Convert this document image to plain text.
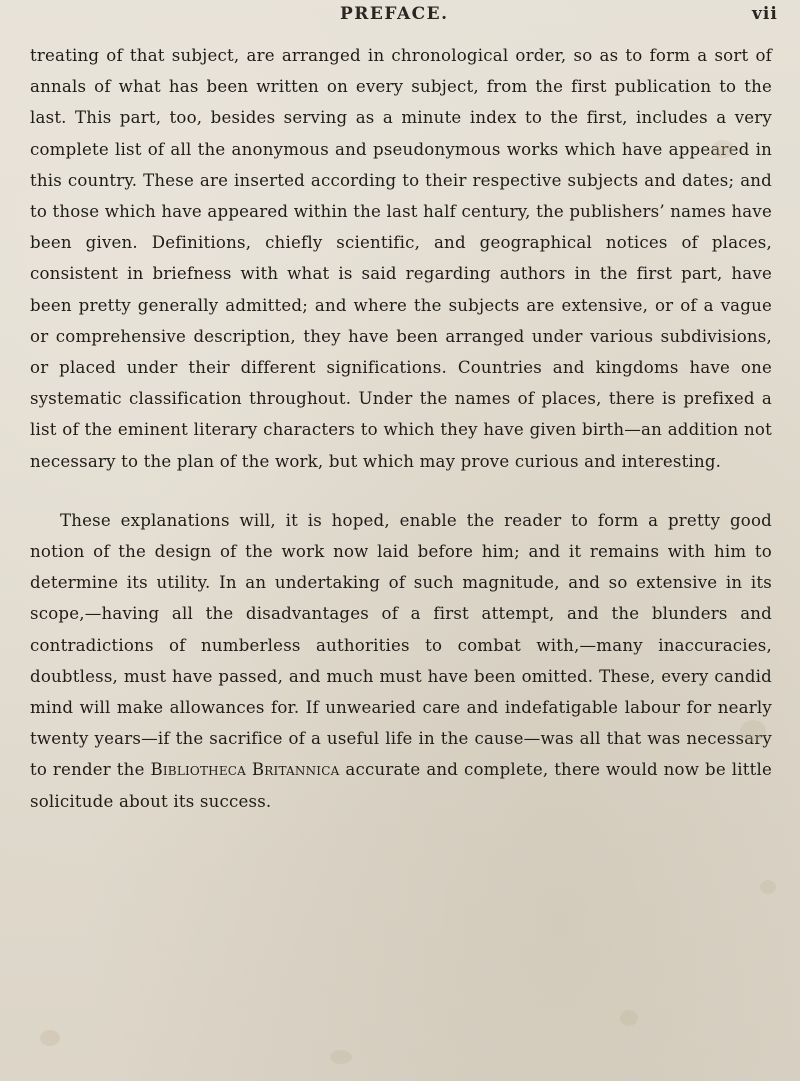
PREFACE.	vii

treating of that subject, are arranged in chronological order, so as to form a sort of annals of what has been written on every subject, from the first publication to the last. This part, too, besides serving as a minute index to the first, includes a very complete list of all the anonymous and pseudonymous works which have appeared in this country. These are inserted according to their respective subjects and dates; and to those which have appeared within the last half century, the publishers’ names have been given. Definitions, chiefly scientific, and geographical notices of places, consistent in briefness with what is said regarding authors in the first part, have been pretty generally admitted; and where the subjects are extensive, or of a vague or comprehensive description, they have been arranged under various subdivisions, or placed under their different significations. Countries and kingdoms have one systematic classification throughout. Under the names of places, there is prefixed a list of the eminent literary characters to which they have given birth—an addition not necessary to the plan of the work, but which may prove curious and interesting.

These explanations will, it is hoped, enable the reader to form a pretty good notion of the design of the work now laid before him; and it remains with him to determine its utility. In an undertaking of such magnitude, and so extensive in its scope,—having all the disadvantages of a first attempt, and the blunders and contradictions of numberless authorities to combat with,—many inaccuracies, doubtless, must have passed, and much must have been omitted. These, every candid mind will make allowances for. If unwearied care and indefatigable labour for nearly twenty years—if the sacrifice of a useful life in the cause—was all that was necessary to render the Bibliotheca Britannica accurate and complete, there would now be little solicitude about its success.
